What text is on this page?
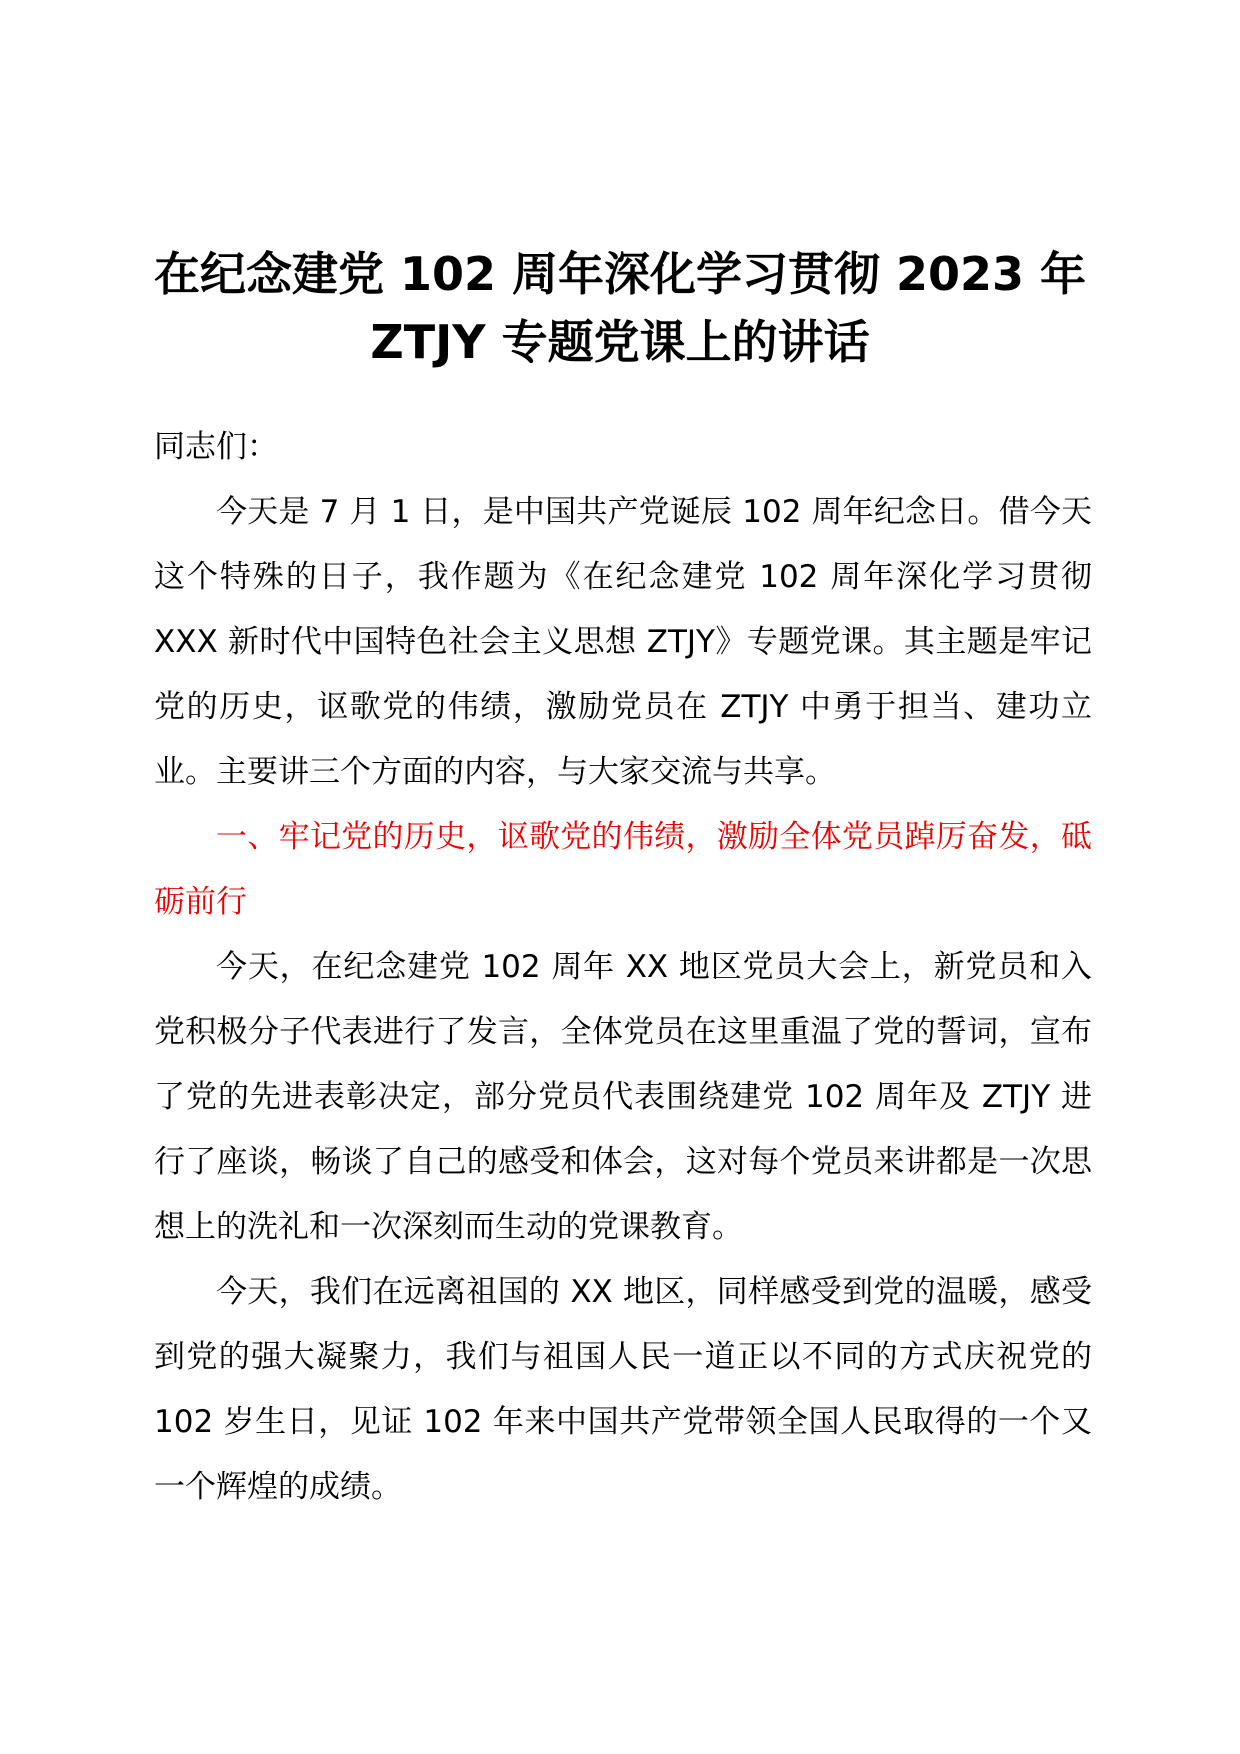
在纪念建党 102 周年深化学习贯彻 2023 年
ZTJY 专题党课上的讲话

同志们：

今天是 7 月 1 日，是中国共产党诞辰 102 周年纪念日。借今天这个特殊的日子，我作题为《在纪念建党 102 周年深化学习贯彻 XXX 新时代中国特色社会主义思想 ZTJY》专题党课。其主题是牢记党的历史，讴歌党的伟绩，激励党员在 ZTJY 中勇于担当、建功立业。主要讲三个方面的内容，与大家交流与共享。

一、牢记党的历史，讴歌党的伟绩，激励全体党员踔厉奋发，砥砺前行

今天，在纪念建党 102 周年 XX 地区党员大会上，新党员和入党积极分子代表进行了发言，全体党员在这里重温了党的誓词，宣布了党的先进表彰决定，部分党员代表围绕建党 102 周年及 ZTJY 进行了座谈，畅谈了自己的感受和体会，这对每个党员来讲都是一次思想上的洗礼和一次深刻而生动的党课教育。

今天，我们在远离祖国的 XX 地区，同样感受到党的温暖，感受到党的强大凝聚力，我们与祖国人民一道正以不同的方式庆祝党的 102 岁生日，见证 102 年来中国共产党带领全国人民取得的一个又一个辉煌的成绩。
